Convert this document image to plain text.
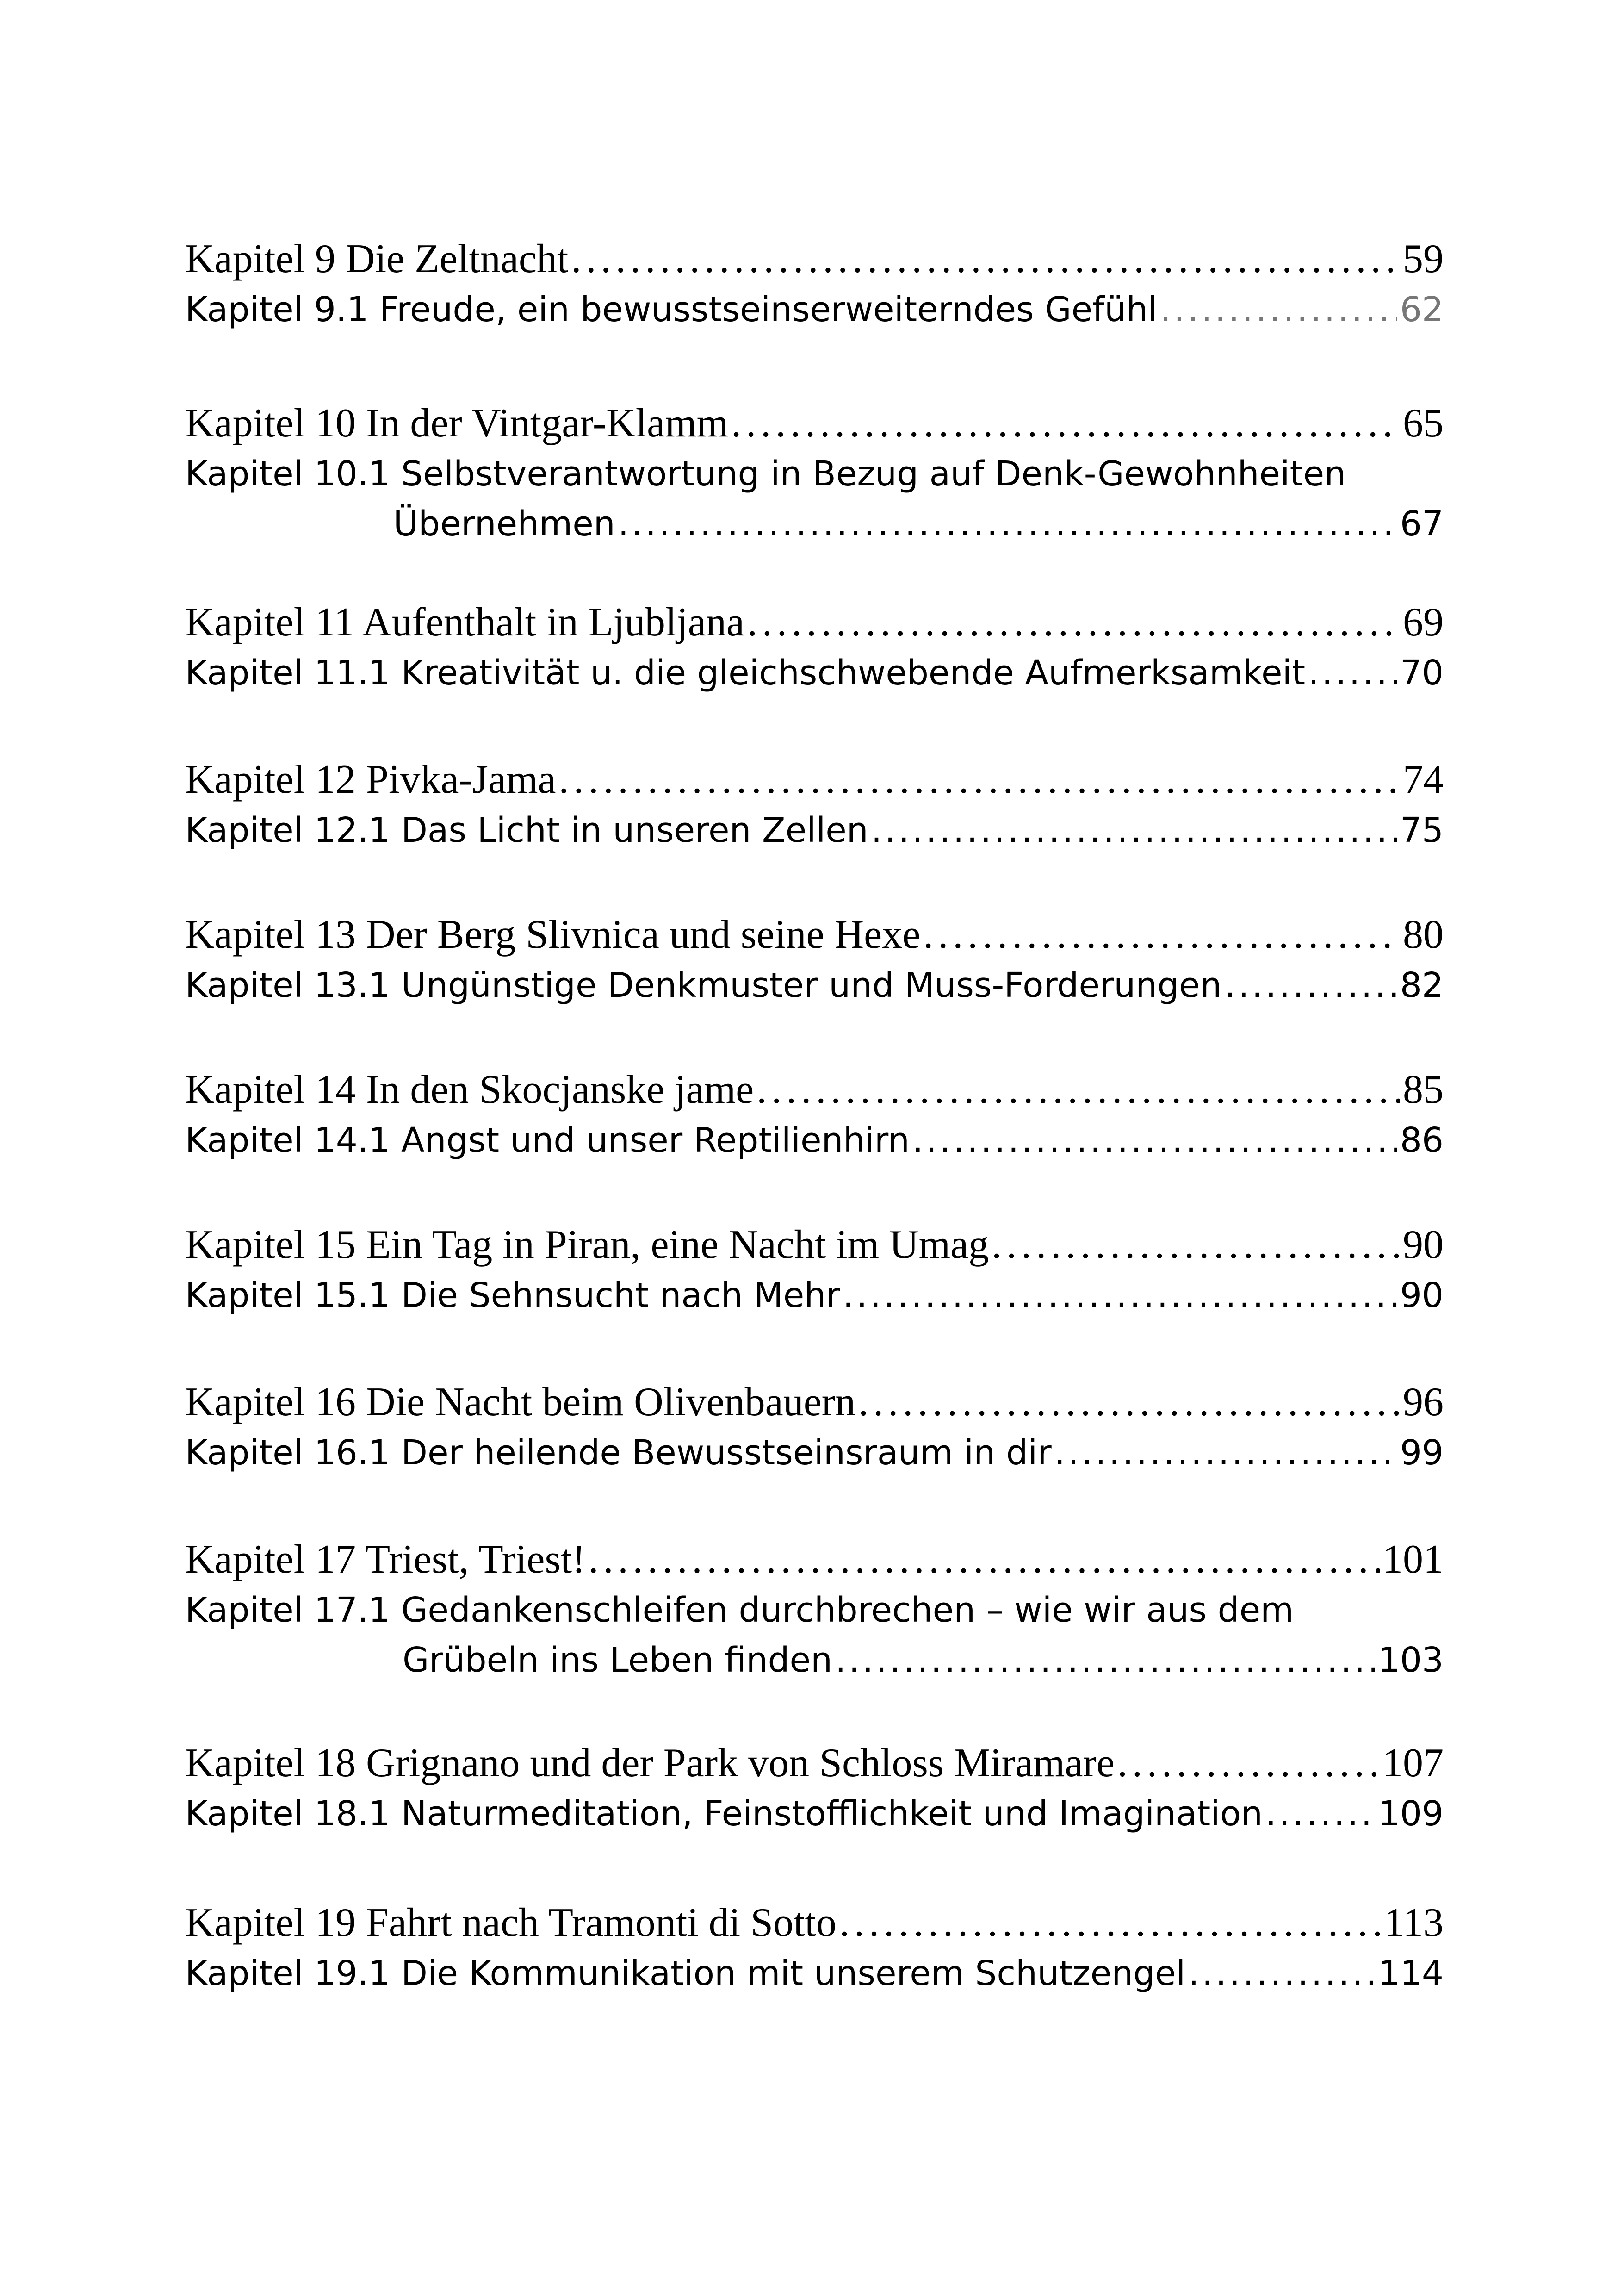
Kapitel 9 Die Zeltnacht .....	59
Kapitel 9.1 Freude, ein bewusstseinserweiterndes Gefühl .....	62
Kapitel 10 In der Vintgar-Klamm .....	65
Kapitel 10.1 Selbstverantwortung in Bezug auf Denk-Gewohnheiten
Übernehmen .....	67
Kapitel 11 Aufenthalt in Ljubljana .....	69
Kapitel 11.1 Kreativität u. die gleichschwebende Aufmerksamkeit .....	70
Kapitel 12 Pivka-Jama .....	74
Kapitel 12.1 Das Licht in unseren Zellen .....	75
Kapitel 13 Der Berg Slivnica und seine Hexe .....	80
Kapitel 13.1 Ungünstige Denkmuster und Muss-Forderungen .....	82
Kapitel 14 In den Skocjanske jame .....	85
Kapitel 14.1 Angst und unser Reptilienhirn .....	86
Kapitel 15 Ein Tag in Piran, eine Nacht im Umag .....	90
Kapitel 15.1 Die Sehnsucht nach Mehr .....	90
Kapitel 16 Die Nacht beim Olivenbauern .....	96
Kapitel 16.1 Der heilende Bewusstseinsraum in dir .....	99
Kapitel 17 Triest, Triest! .....	101
Kapitel 17.1 Gedankenschleifen durchbrechen – wie wir aus dem
Grübeln ins Leben finden .....	103
Kapitel 18 Grignano und der Park von Schloss Miramare .....	107
Kapitel 18.1 Naturmeditation, Feinstofflichkeit und Imagination .....	109
Kapitel 19 Fahrt nach Tramonti di Sotto .....	113
Kapitel 19.1 Die Kommunikation mit unserem Schutzengel .....	114
